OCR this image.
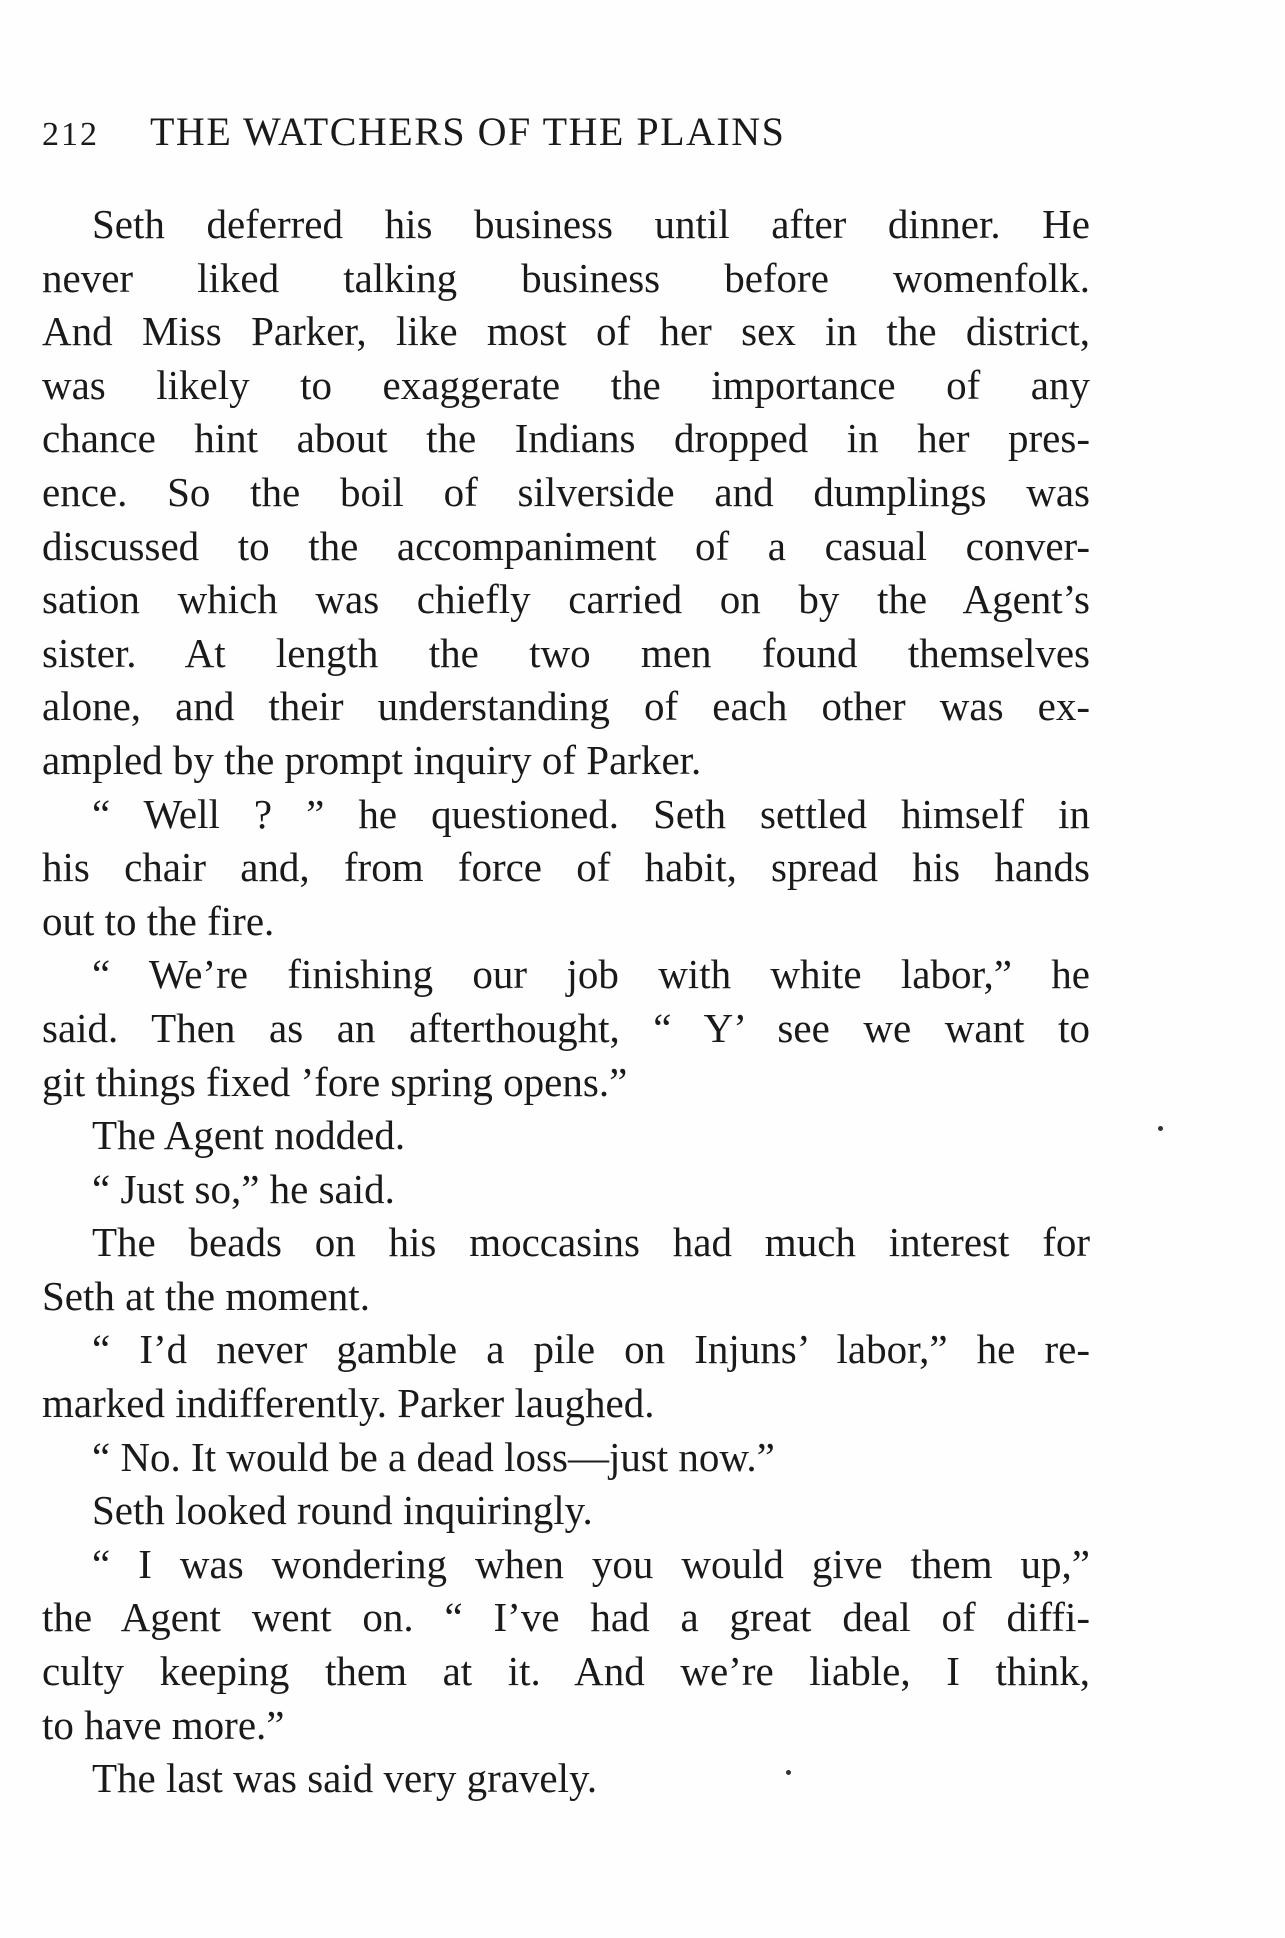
212 THE WATCHERS OF THE PLAINS
Seth deferred his business until after dinner. He
never liked talking business before womenfolk.
And Miss Parker, like most of her sex in the district,
was likely to exaggerate the importance of any
chance hint about the Indians dropped in her pres-
ence. So the boil of silverside and dumplings was
discussed to the accompaniment of a casual conver-
sation which was chiefly carried on by the Agent’s
sister. At length the two men found themselves
alone, and their understanding of each other was ex-
ampled by the prompt inquiry of Parker.
“ Well ? ” he questioned. Seth settled himself in
his chair and, from force of habit, spread his hands
out to the fire.
“ We’re finishing our job with white labor,” he
said. Then as an afterthought, “ Y’ see we want to
git things fixed ’fore spring opens.”
The Agent nodded.
“ Just so,” he said.
The beads on his moccasins had much interest for
Seth at the moment.
“ I’d never gamble a pile on Injuns’ labor,” he re-
marked indifferently. Parker laughed.
“ No. It would be a dead loss—just now.”
Seth looked round inquiringly.
“ I was wondering when you would give them up,”
the Agent went on. “ I’ve had a great deal of diffi-
culty keeping them at it. And we’re liable, I think,
to have more.”
The last was said very gravely.
